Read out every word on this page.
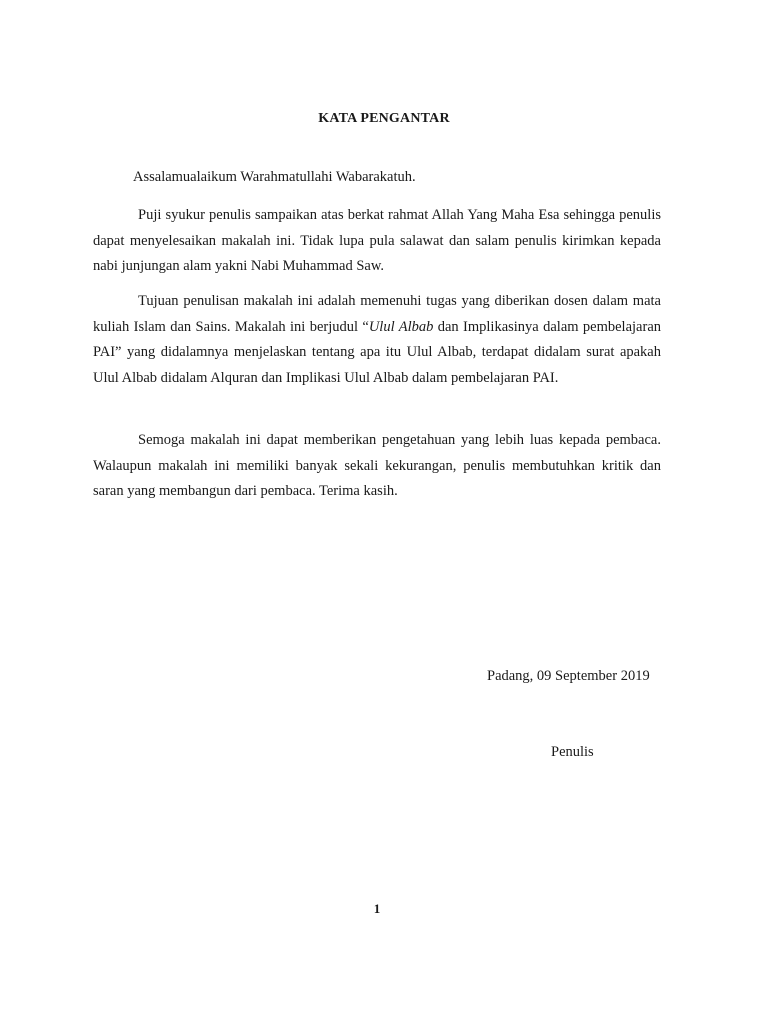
KATA PENGANTAR
Assalamualaikum Warahmatullahi Wabarakatuh.

Puji syukur penulis sampaikan atas berkat rahmat Allah Yang Maha Esa sehingga penulis dapat menyelesaikan makalah ini. Tidak lupa pula salawat dan salam penulis kirimkan kepada nabi junjungan alam yakni Nabi Muhammad Saw.

Tujuan penulisan makalah ini adalah memenuhi tugas yang diberikan dosen dalam mata kuliah Islam dan Sains. Makalah ini berjudul “Ulul Albab dan Implikasinya dalam pembelajaran PAI” yang didalamnya menjelaskan tentang apa itu Ulul Albab, terdapat didalam surat apakah Ulul Albab didalam Alquran dan Implikasi Ulul Albab dalam pembelajaran PAI.

Semoga makalah ini dapat memberikan pengetahuan yang lebih luas kepada pembaca. Walaupun makalah ini memiliki banyak sekali kekurangan, penulis membutuhkan kritik dan saran yang membangun dari pembaca. Terima kasih.

Padang, 09 September 2019
Penulis
1
